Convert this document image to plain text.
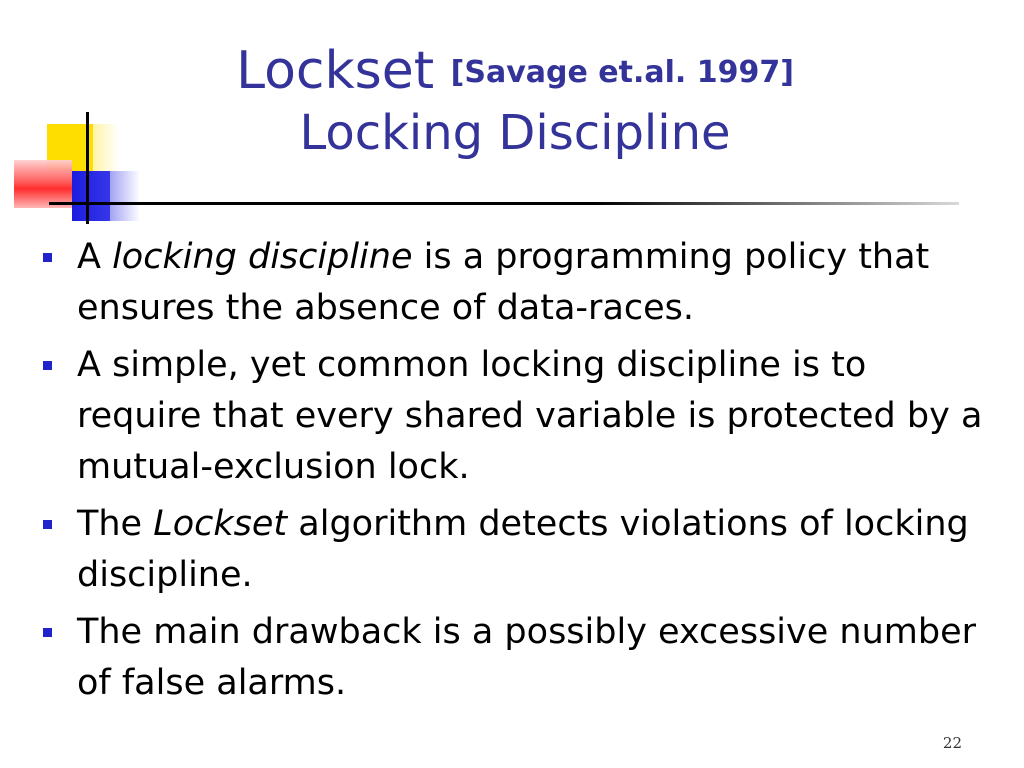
Lockset [Savage et.al. 1997]
Locking Discipline
A locking discipline is a programming policy that ensures the absence of data-races.
A simple, yet common locking discipline is to require that every shared variable is protected by a mutual-exclusion lock.
The Lockset algorithm detects violations of locking discipline.
The main drawback is a possibly excessive number of false alarms.
22
